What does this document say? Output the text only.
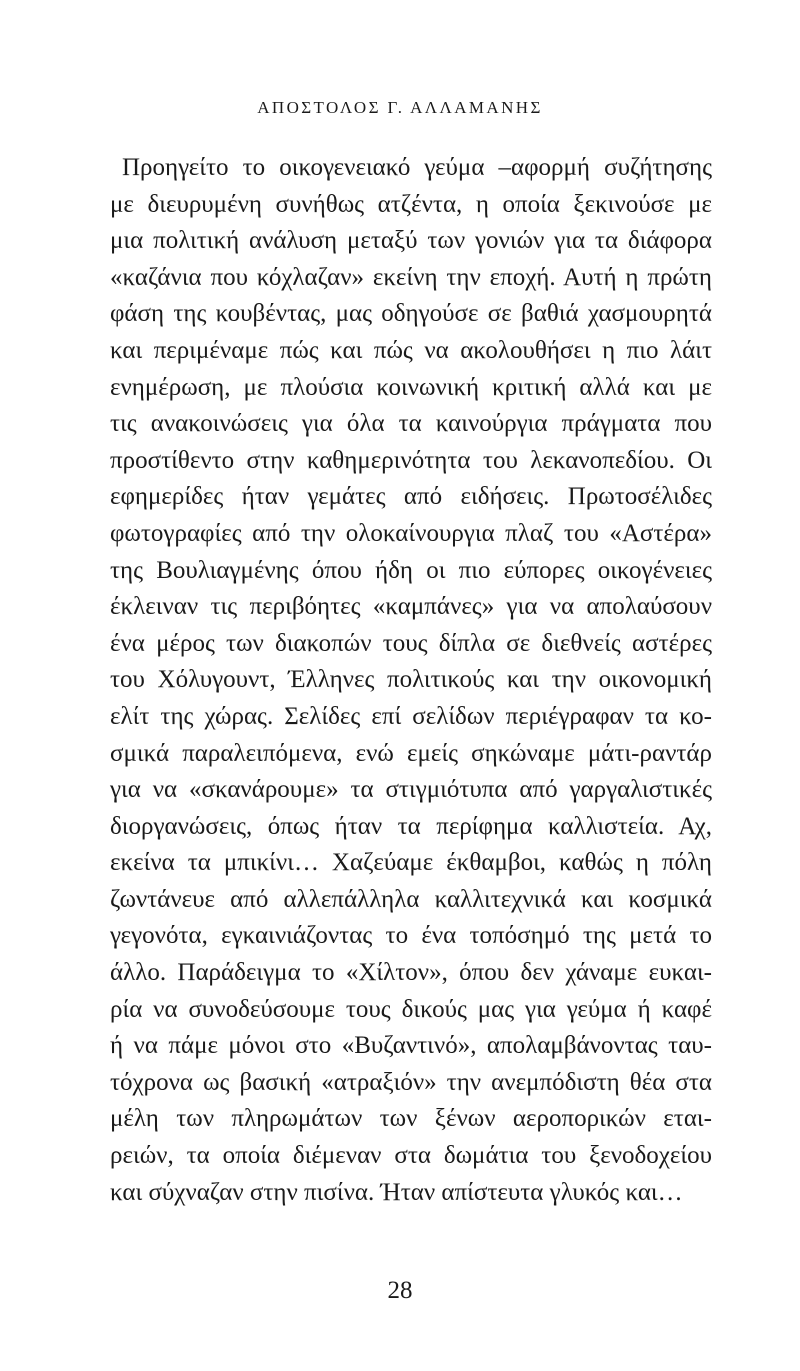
ΑΠΟΣΤΟΛΟΣ Γ. ΑΛΛΑΜΑΝΗΣ
Προηγείτο το οικογενειακό γεύμα –αφορμή συζήτησης
με διευρυμένη συνήθως ατζέντα, η οποία ξεκινούσε με
μια πολιτική ανάλυση μεταξύ των γονιών για τα διάφορα
«καζάνια που κόχλαζαν» εκείνη την εποχή. Αυτή η πρώτη
φάση της κουβέντας, μας οδηγούσε σε βαθιά χασμουρητά
και περιμέναμε πώς και πώς να ακολουθήσει η πιο λάιτ
ενημέρωση, με πλούσια κοινωνική κριτική αλλά και με
τις ανακοινώσεις για όλα τα καινούργια πράγματα που
προστίθεντο στην καθημερινότητα του λεκανοπεδίου. Οι
εφημερίδες ήταν γεμάτες από ειδήσεις. Πρωτοσέλιδες
φωτογραφίες από την ολοκαίνουργια πλαζ του «Αστέρα»
της Βουλιαγμένης όπου ήδη οι πιο εύπορες οικογένειες
έκλειναν τις περιβόητες «καμπάνες» για να απολαύσουν
ένα μέρος των διακοπών τους δίπλα σε διεθνείς αστέρες
του Χόλυγουντ, Έλληνες πολιτικούς και την οικονομική
ελίτ της χώρας. Σελίδες επί σελίδων περιέγραφαν τα κο-
σμικά παραλειπόμενα, ενώ εμείς σηκώναμε μάτι-ραντάρ
για να «σκανάρουμε» τα στιγμιότυπα από γαργαλιστικές
διοργανώσεις, όπως ήταν τα περίφημα καλλιστεία. Αχ,
εκείνα τα μπικίνι… Χαζεύαμε έκθαμβοι, καθώς η πόλη
ζωντάνευε από αλλεπάλληλα καλλιτεχνικά και κοσμικά
γεγονότα, εγκαινιάζοντας το ένα τοπόσημό της μετά το
άλλο. Παράδειγμα το «Χίλτον», όπου δεν χάναμε ευκαι-
ρία να συνοδεύσουμε τους δικούς μας για γεύμα ή καφέ
ή να πάμε μόνοι στο «Βυζαντινό», απολαμβάνοντας ταυ-
τόχρονα ως βασική «ατραξιόν» την ανεμπόδιστη θέα στα
μέλη των πληρωμάτων των ξένων αεροπορικών εται-
ρειών, τα οποία διέμεναν στα δωμάτια του ξενοδοχείου
και σύχναζαν στην πισίνα. Ήταν απίστευτα γλυκός και…
28
